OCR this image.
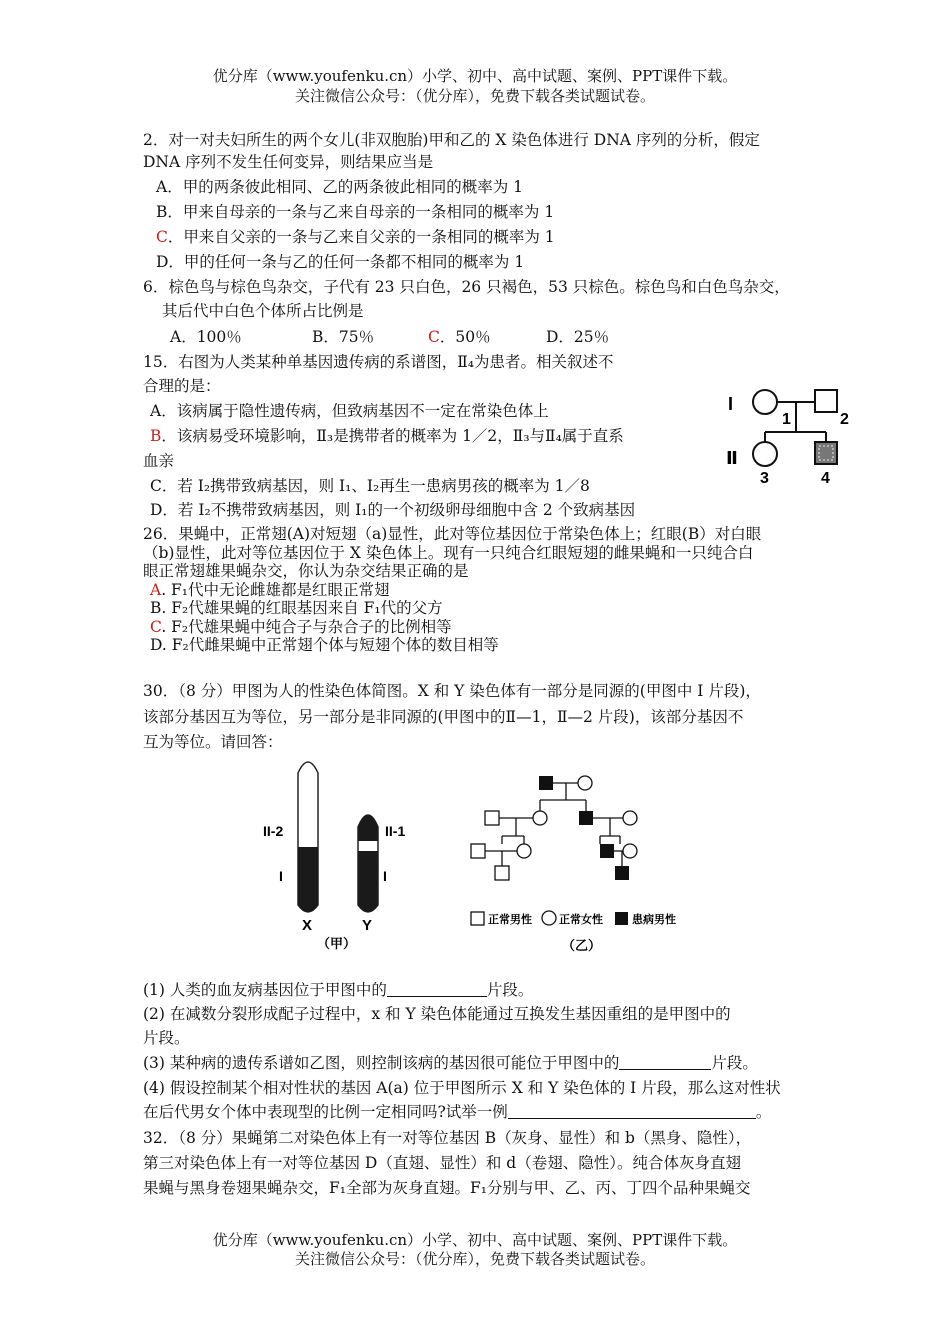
优分库（www.youfenku.cn）小学、初中、高中试题、案例、PPT课件下载。
关注微信公众号：（优分库），免费下载各类试题试卷。
2．对一对夫妇所生的两个女儿(非双胞胎)甲和乙的 X 染色体进行 DNA 序列的分析，假定
DNA 序列不发生任何变异，则结果应当是
A．甲的两条彼此相同、乙的两条彼此相同的概率为 1
B．甲来自母亲的一条与乙来自母亲的一条相同的概率为 1
C．甲来自父亲的一条与乙来自父亲的一条相同的概率为 1
D．甲的任何一条与乙的任何一条都不相同的概率为 1
6．棕色鸟与棕色鸟杂交，子代有 23 只白色，26 只褐色，53 只棕色。棕色鸟和白色鸟杂交，
其后代中白色个体所占比例是
A．100％	B．75％	C．50％	D．25％
15．右图为人类某种单基因遗传病的系谱图，Ⅱ₄为患者。相关叙述不
合理的是：
A．该病属于隐性遗传病，但致病基因不一定在常染色体上
B．该病易受环境影响，Ⅱ₃是携带者的概率为 1／2，Ⅱ₃与Ⅱ₄属于直系
血亲
C．若 I₂携带致病基因，则 I₁、I₂再生一患病男孩的概率为 1／8
D．若 I₂不携带致病基因，则 I₁的一个初级卵母细胞中含 2 个致病基因
I
1	2
Ⅱ
3	4
26．果蝇中，正常翅(A)对短翅（a)显性，此对等位基因位于常染色体上；红眼(B）对白眼
（b)显性，此对等位基因位于 X 染色体上。现有一只纯合红眼短翅的雌果蝇和一只纯合白
眼正常翅雄果蝇杂交，你认为杂交结果正确的是
A. F₁代中无论雌雄都是红眼正常翅
B. F₂代雄果蝇的红眼基因来自 F₁代的父方
C. F₂代雄果蝇中纯合子与杂合子的比例相等
D. F₂代雌果蝇中正常翅个体与短翅个体的数目相等
30．（8 分）甲图为人的性染色体简图。X 和 Y 染色体有一部分是同源的(甲图中 I 片段)，
该部分基因互为等位，另一部分是非同源的(甲图中的Ⅱ—1，Ⅱ—2 片段)，该部分基因不
互为等位。请回答：
II-2	II-1
I	I
X	Y
（甲）
正常男性 正常女性	患病男性
（乙）
(1) 人类的血友病基因位于甲图中的	片段。
(2) 在减数分裂形成配子过程中，x 和 Y 染色体能通过互换发生基因重组的是甲图中的
片段。
(3) 某种病的遗传系谱如乙图，则控制该病的基因很可能位于甲图中的	片段。
(4) 假设控制某个相对性状的基因 A(a) 位于甲图所示 X 和 Y 染色体的 I 片段，那么这对性状
在后代男女个体中表现型的比例一定相同吗?试举一例	。
32．（8 分）果蝇第二对染色体上有一对等位基因 B（灰身、显性）和 b（黑身、隐性），
第三对染色体上有一对等位基因 D（直翅、显性）和 d（卷翅、隐性）。纯合体灰身直翅
果蝇与黑身卷翅果蝇杂交，F₁全部为灰身直翅。F₁分别与甲、乙、丙、丁四个品种果蝇交
优分库（www.youfenku.cn）小学、初中、高中试题、案例、PPT课件下载。
关注微信公众号：（优分库），免费下载各类试题试卷。
